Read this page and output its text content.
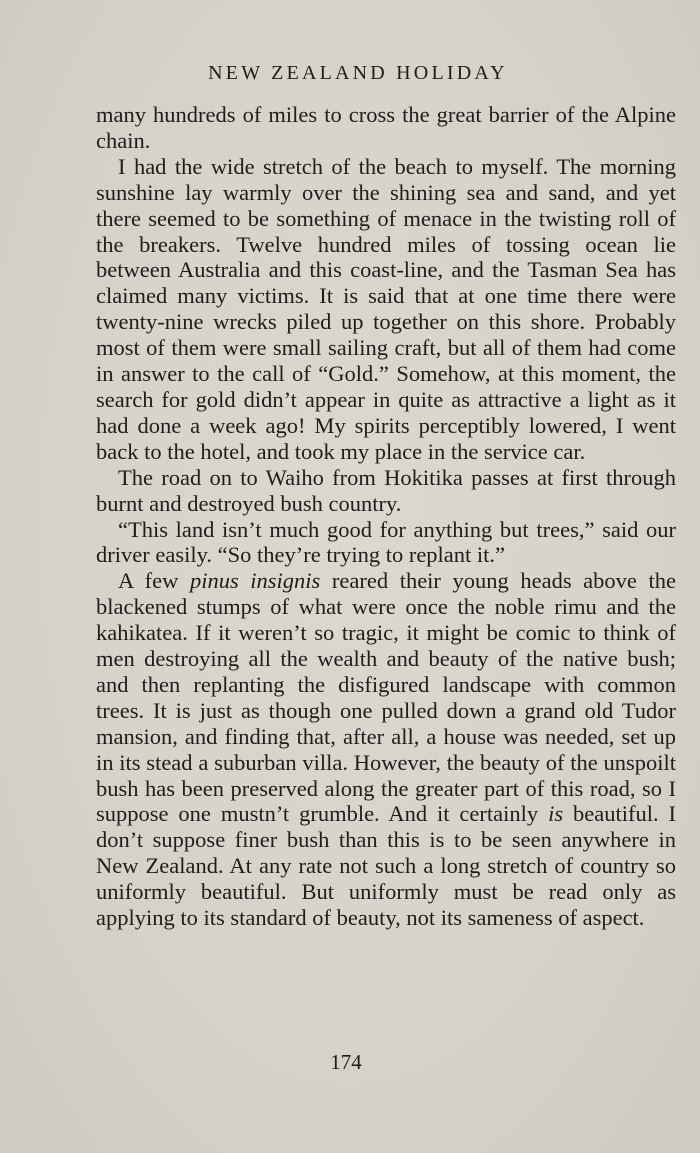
NEW ZEALAND HOLIDAY

many hundreds of miles to cross the great barrier of the Alpine chain.

I had the wide stretch of the beach to myself. The morning sunshine lay warmly over the shining sea and sand, and yet there seemed to be something of menace in the twisting roll of the breakers. Twelve hundred miles of tossing ocean lie between Australia and this coast-line, and the Tasman Sea has claimed many victims. It is said that at one time there were twenty-nine wrecks piled up together on this shore. Probably most of them were small sailing craft, but all of them had come in answer to the call of “Gold.” Somehow, at this moment, the search for gold didn’t appear in quite as attractive a light as it had done a week ago! My spirits perceptibly lowered, I went back to the hotel, and took my place in the service car.

The road on to Waiho from Hokitika passes at first through burnt and destroyed bush country.

“This land isn’t much good for anything but trees,” said our driver easily. “So they’re trying to replant it.”

A few pinus insignis reared their young heads above the blackened stumps of what were once the noble rimu and the kahikatea. If it weren’t so tragic, it might be comic to think of men destroying all the wealth and beauty of the native bush; and then replanting the disfigured landscape with common trees. It is just as though one pulled down a grand old Tudor mansion, and finding that, after all, a house was needed, set up in its stead a suburban villa. However, the beauty of the unspoilt bush has been preserved along the greater part of this road, so I suppose one mustn’t grumble. And it certainly is beautiful. I don’t suppose finer bush than this is to be seen anywhere in New Zealand. At any rate not such a long stretch of country so uniformly beautiful. But uniformly must be read only as applying to its standard of beauty, not its sameness of aspect.

174
